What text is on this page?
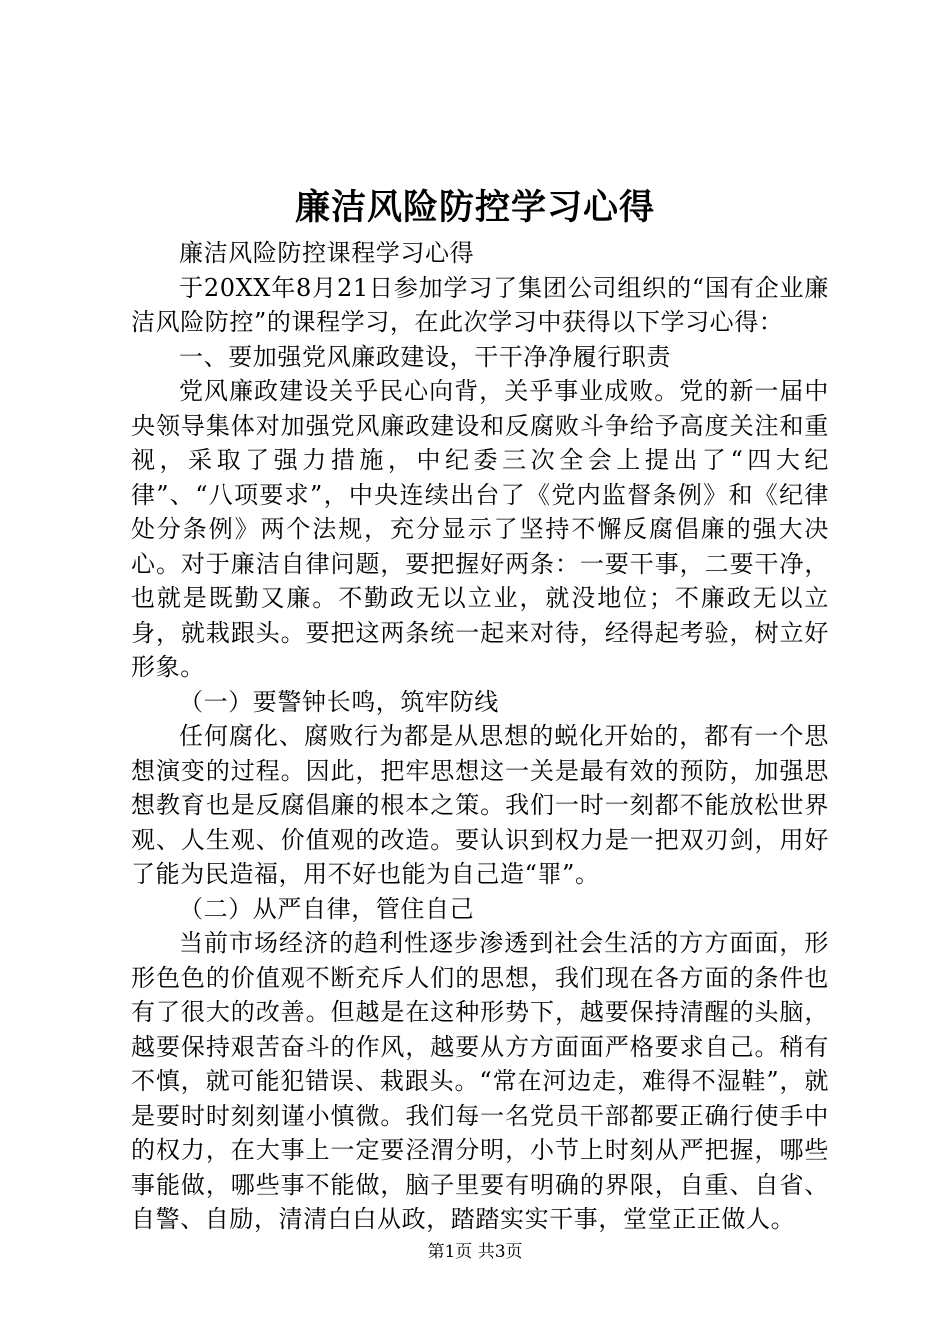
廉洁风险防控学习心得

廉洁风险防控课程学习心得

于20XX年8月21日参加学习了集团公司组织的“国有企业廉洁风险防控”的课程学习，在此次学习中获得以下学习心得：

一、要加强党风廉政建设，干干净净履行职责

党风廉政建设关乎民心向背，关乎事业成败。党的新一届中央领导集体对加强党风廉政建设和反腐败斗争给予高度关注和重视，采取了强力措施，中纪委三次全会上提出了“四大纪律”、“八项要求”，中央连续出台了《党内监督条例》和《纪律处分条例》两个法规，充分显示了坚持不懈反腐倡廉的强大决心。对于廉洁自律问题，要把握好两条：一要干事，二要干净，也就是既勤又廉。不勤政无以立业，就没地位；不廉政无以立身，就栽跟头。要把这两条统一起来对待，经得起考验，树立好形象。

（一）要警钟长鸣，筑牢防线

任何腐化、腐败行为都是从思想的蜕化开始的，都有一个思想演变的过程。因此，把牢思想这一关是最有效的预防，加强思想教育也是反腐倡廉的根本之策。我们一时一刻都不能放松世界观、人生观、价值观的改造。要认识到权力是一把双刃剑，用好了能为民造福，用不好也能为自己造“罪”。

（二）从严自律，管住自己

当前市场经济的趋利性逐步渗透到社会生活的方方面面，形形色色的价值观不断充斥人们的思想，我们现在各方面的条件也有了很大的改善。但越是在这种形势下，越要保持清醒的头脑，越要保持艰苦奋斗的作风，越要从方方面面严格要求自己。稍有不慎，就可能犯错误、栽跟头。“常在河边走，难得不湿鞋”，就是要时时刻刻谨小慎微。我们每一名党员干部都要正确行使手中的权力，在大事上一定要泾渭分明，小节上时刻从严把握，哪些事能做，哪些事不能做，脑子里要有明确的界限，自重、自省、自警、自励，清清白白从政，踏踏实实干事，堂堂正正做人。

第1页 共3页
